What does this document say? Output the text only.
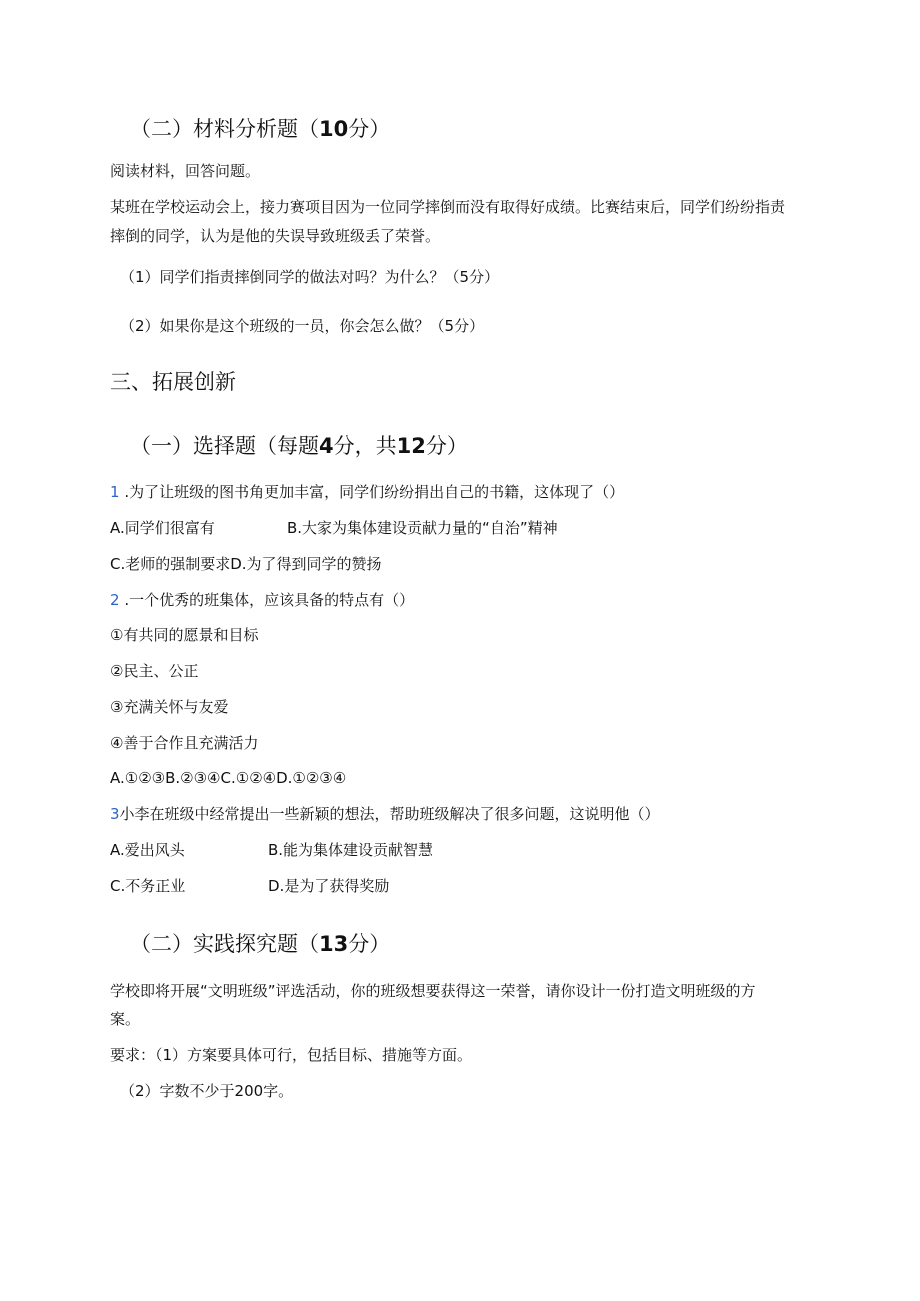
（二）材料分析题（10分）
阅读材料，回答问题。
某班在学校运动会上，接力赛项目因为一位同学摔倒而没有取得好成绩。比赛结束后，同学们纷纷指责
摔倒的同学，认为是他的失误导致班级丢了荣誉。
（1）同学们指责摔倒同学的做法对吗？为什么？（5分）
（2）如果你是这个班级的一员，你会怎么做？（5分）
三、拓展创新
（一）选择题（每题4分，共12分）
1 .为了让班级的图书角更加丰富，同学们纷纷捐出自己的书籍，这体现了（）
A.同学们很富有	B.大家为集体建设贡献力量的“自治”精神
C.老师的强制要求D.为了得到同学的赞扬
2 .一个优秀的班集体，应该具备的特点有（）
①有共同的愿景和目标
②民主、公正
③充满关怀与友爱
④善于合作且充满活力
A.①②③B.②③④C.①②④D.①②③④
3小李在班级中经常提出一些新颖的想法，帮助班级解决了很多问题，这说明他（）
A.爱出风头	B.能为集体建设贡献智慧
C.不务正业	D.是为了获得奖励
（二）实践探究题（13分）
学校即将开展“文明班级”评选活动，你的班级想要获得这一荣誉，请你设计一份打造文明班级的方
案。
要求：（1）方案要具体可行，包括目标、措施等方面。
（2）字数不少于200字。
